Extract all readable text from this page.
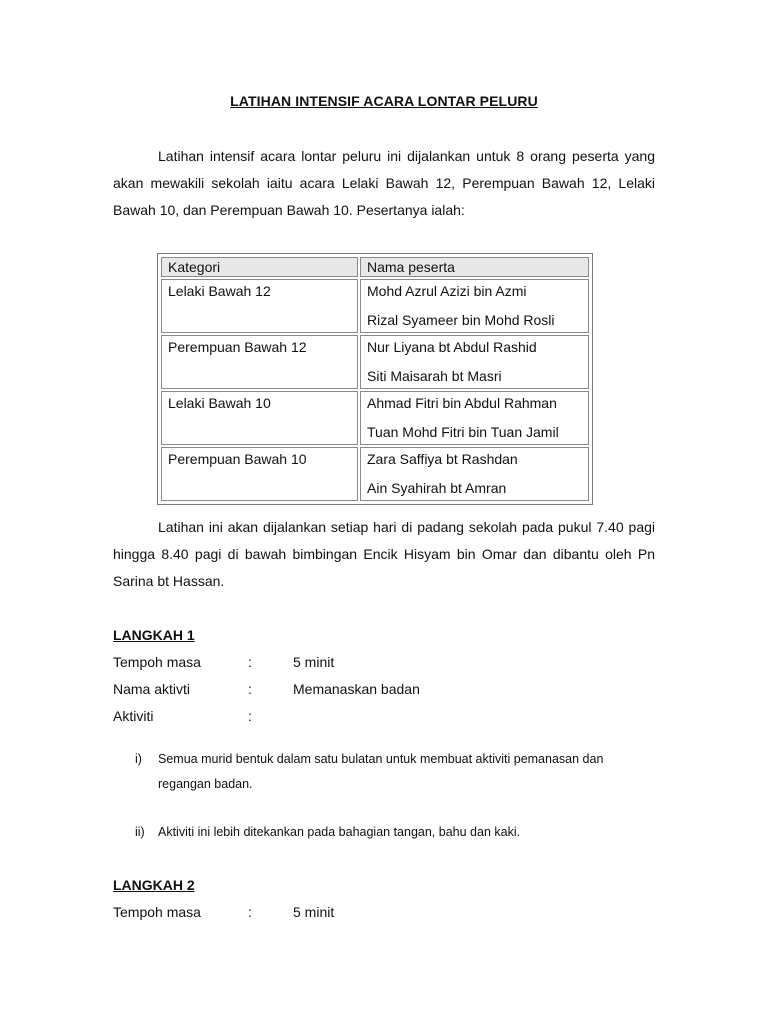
LATIHAN INTENSIF ACARA LONTAR PELURU

Latihan intensif acara lontar peluru ini dijalankan untuk 8 orang peserta yang akan mewakili sekolah iaitu acara Lelaki Bawah 12, Perempuan Bawah 12, Lelaki Bawah 10, dan Perempuan Bawah 10. Pesertanya ialah:

Kategori	Nama peserta

Lelaki Bawah 12	Mohd Azrul Azizi bin Azmi
Rizal Syameer bin Mohd Rosli

Perempuan Bawah 12	Nur Liyana bt Abdul Rashid
Siti Maisarah bt Masri

Lelaki Bawah 10	Ahmad Fitri bin Abdul Rahman
Tuan Mohd Fitri bin Tuan Jamil

Perempuan Bawah 10	Zara Saffiya bt Rashdan
Ain Syahirah bt Amran

Latihan ini akan dijalankan setiap hari di padang sekolah pada pukul 7.40 pagi hingga 8.40 pagi di bawah bimbingan Encik Hisyam bin Omar dan dibantu oleh Pn Sarina bt Hassan.

LANGKAH 1
Tempoh masa	:	5 minit
Nama aktivti	:	Memanaskan badan
Aktiviti	:
i) Semua murid bentuk dalam satu bulatan untuk membuat aktiviti pemanasan dan regangan badan.
ii) Aktiviti ini lebih ditekankan pada bahagian tangan, bahu dan kaki.
LANGKAH 2
Tempoh masa	:	5 minit
